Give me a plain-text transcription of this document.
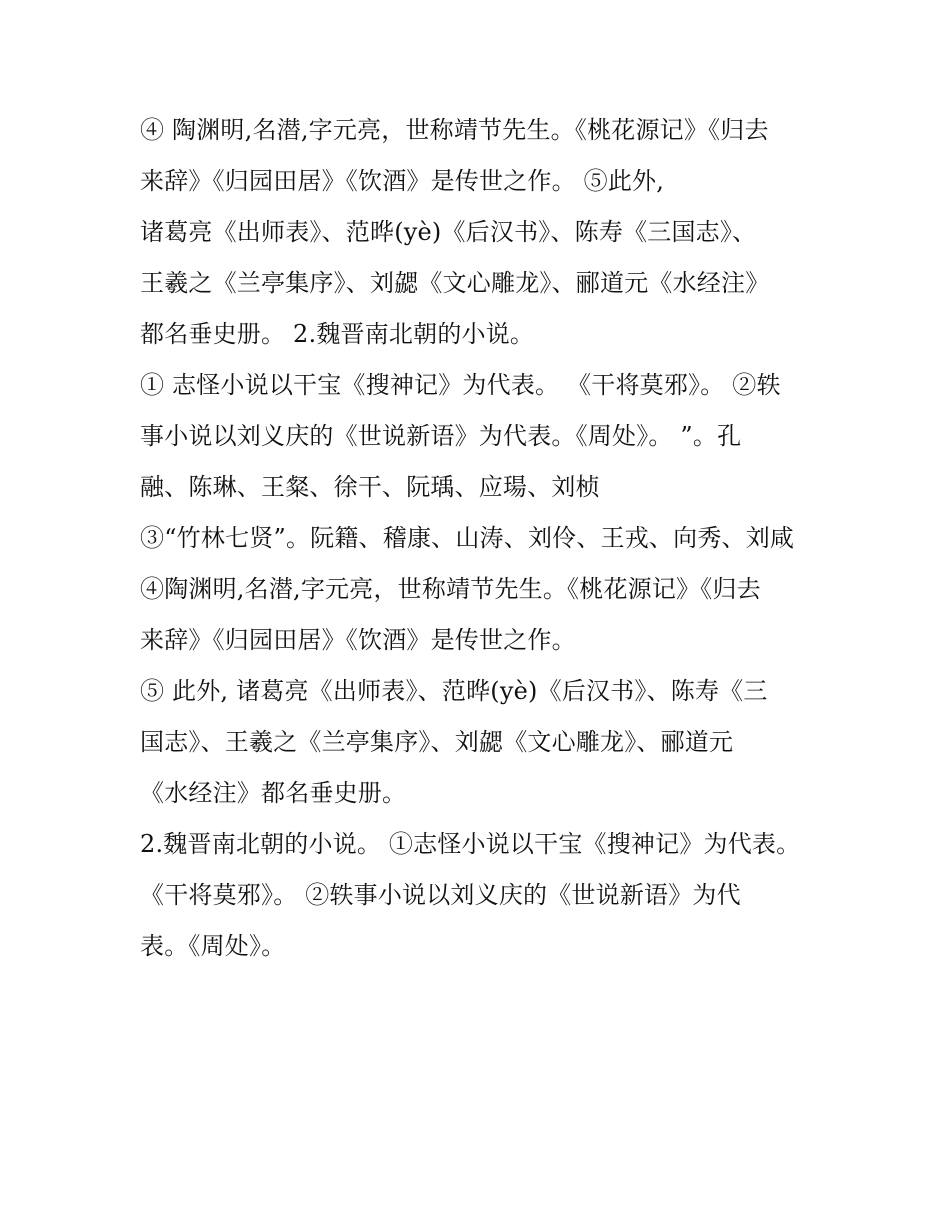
④ 陶渊明,名潜,字元亮，世称靖节先生。《桃花源记》《归去
来辞》《归园田居》《饮酒》是传世之作。 ⑤此外,
诸葛亮《出师表》、范晔(yè)《后汉书》、陈寿《三国志》、
王羲之《兰亭集序》、刘勰《文心雕龙》、郦道元《水经注》
都名垂史册。 2.魏晋南北朝的小说。
① 志怪小说以干宝《搜神记》为代表。 《干将莫邪》。 ②轶
事小说以刘义庆的《世说新语》为代表。《周处》。 ”。孔
融、陈琳、王粲、徐干、阮瑀、应瑒、刘桢
③“竹林七贤”。阮籍、稽康、山涛、刘伶、王戎、向秀、刘咸
④陶渊明,名潜,字元亮，世称靖节先生。《桃花源记》《归去
来辞》《归园田居》《饮酒》是传世之作。
⑤ 此外, 诸葛亮《出师表》、范晔(yè)《后汉书》、陈寿《三
国志》、王羲之《兰亭集序》、刘勰《文心雕龙》、郦道元
《水经注》都名垂史册。
2.魏晋南北朝的小说。 ①志怪小说以干宝《搜神记》为代表。
《干将莫邪》。 ②轶事小说以刘义庆的《世说新语》为代
表。《周处》。
